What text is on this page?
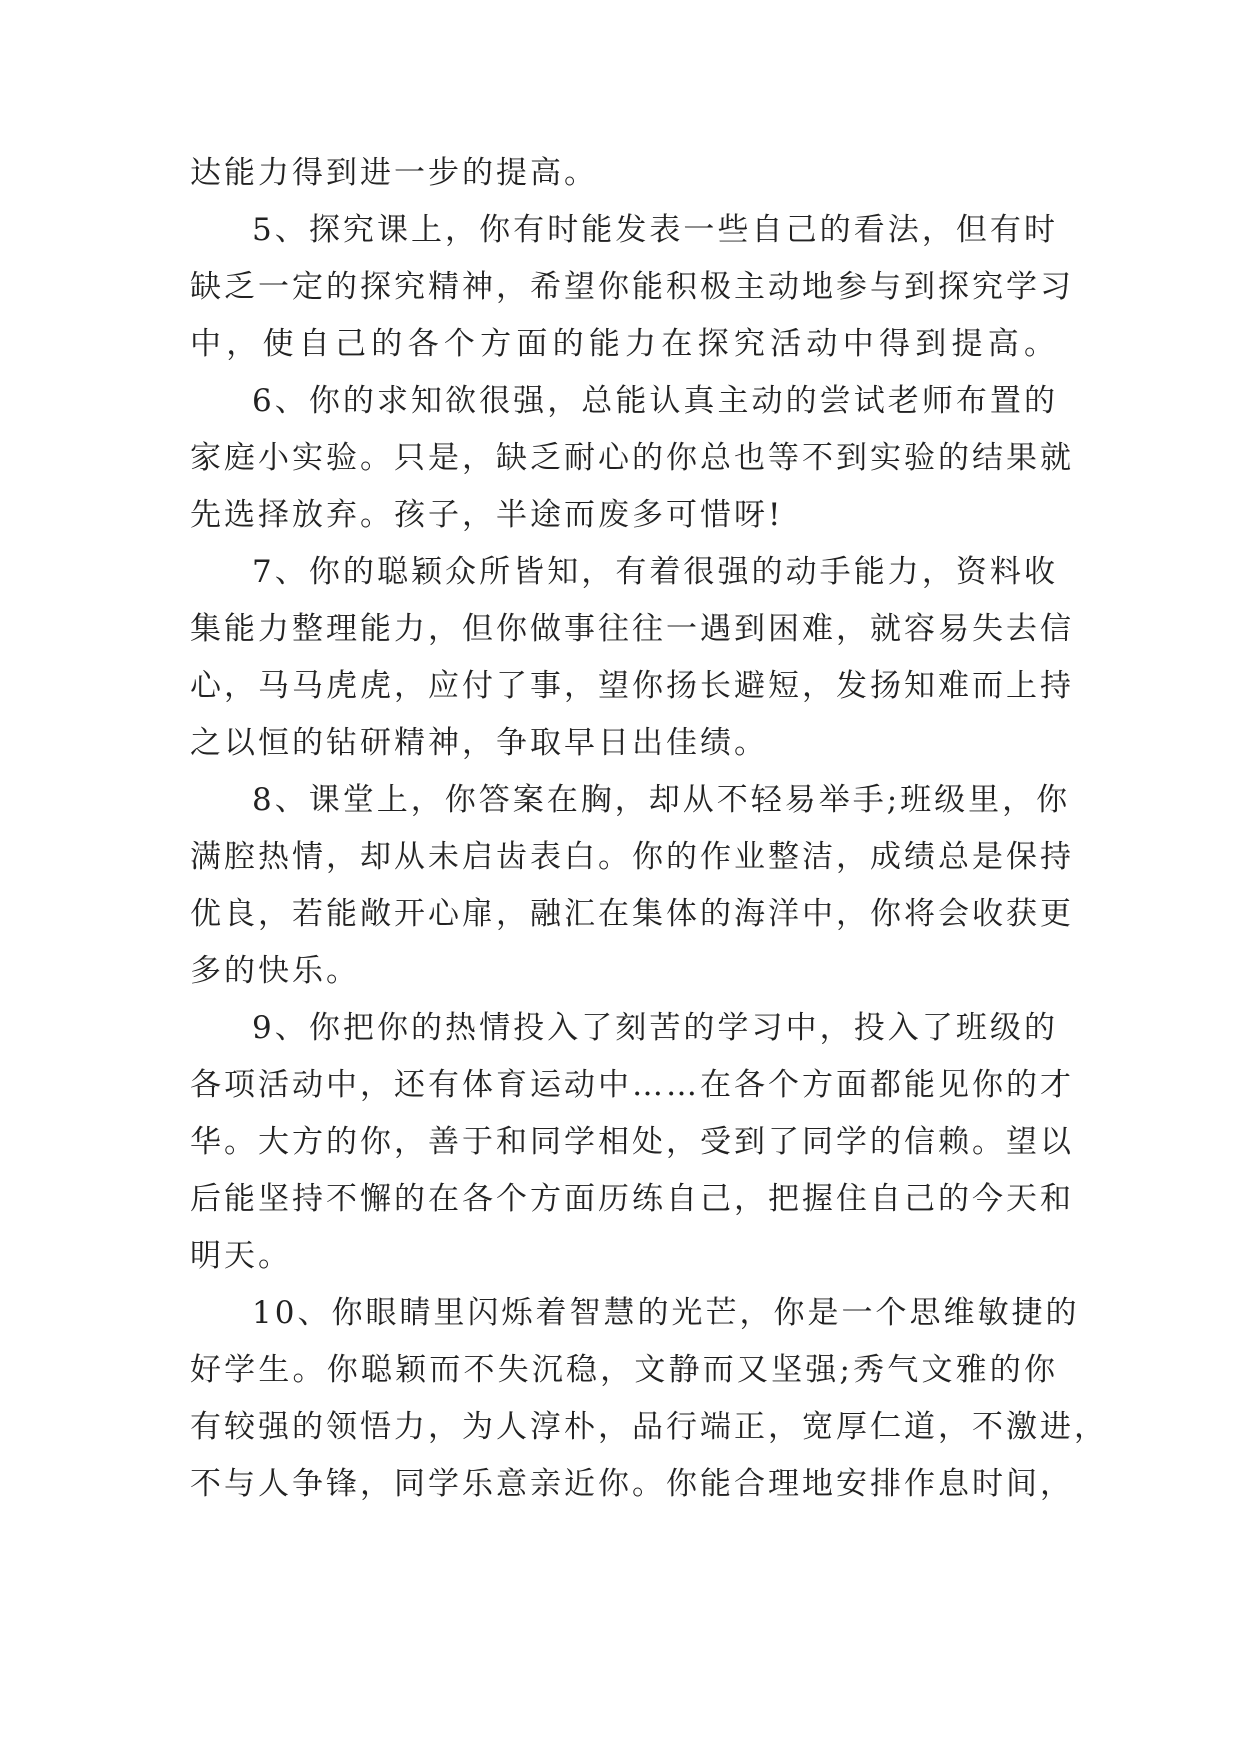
达能力得到进一步的提高。
5、探究课上，你有时能发表一些自己的看法，但有时
缺乏一定的探究精神，希望你能积极主动地参与到探究学习
中，使自己的各个方面的能力在探究活动中得到提高。
6、你的求知欲很强，总能认真主动的尝试老师布置的
家庭小实验。只是，缺乏耐心的你总也等不到实验的结果就
先选择放弃。孩子，半途而废多可惜呀!
7、你的聪颖众所皆知，有着很强的动手能力，资料收
集能力整理能力，但你做事往往一遇到困难，就容易失去信
心，马马虎虎，应付了事，望你扬长避短，发扬知难而上持
之以恒的钻研精神，争取早日出佳绩。
8、课堂上，你答案在胸，却从不轻易举手;班级里，你
满腔热情，却从未启齿表白。你的作业整洁，成绩总是保持
优良，若能敞开心扉，融汇在集体的海洋中，你将会收获更
多的快乐。
9、你把你的热情投入了刻苦的学习中，投入了班级的
各项活动中，还有体育运动中……在各个方面都能见你的才
华。大方的你，善于和同学相处，受到了同学的信赖。望以
后能坚持不懈的在各个方面历练自己，把握住自己的今天和
明天。
10、你眼睛里闪烁着智慧的光芒，你是一个思维敏捷的
好学生。你聪颖而不失沉稳，文静而又坚强;秀气文雅的你
有较强的领悟力，为人淳朴，品行端正，宽厚仁道，不激进，
不与人争锋，同学乐意亲近你。你能合理地安排作息时间，
